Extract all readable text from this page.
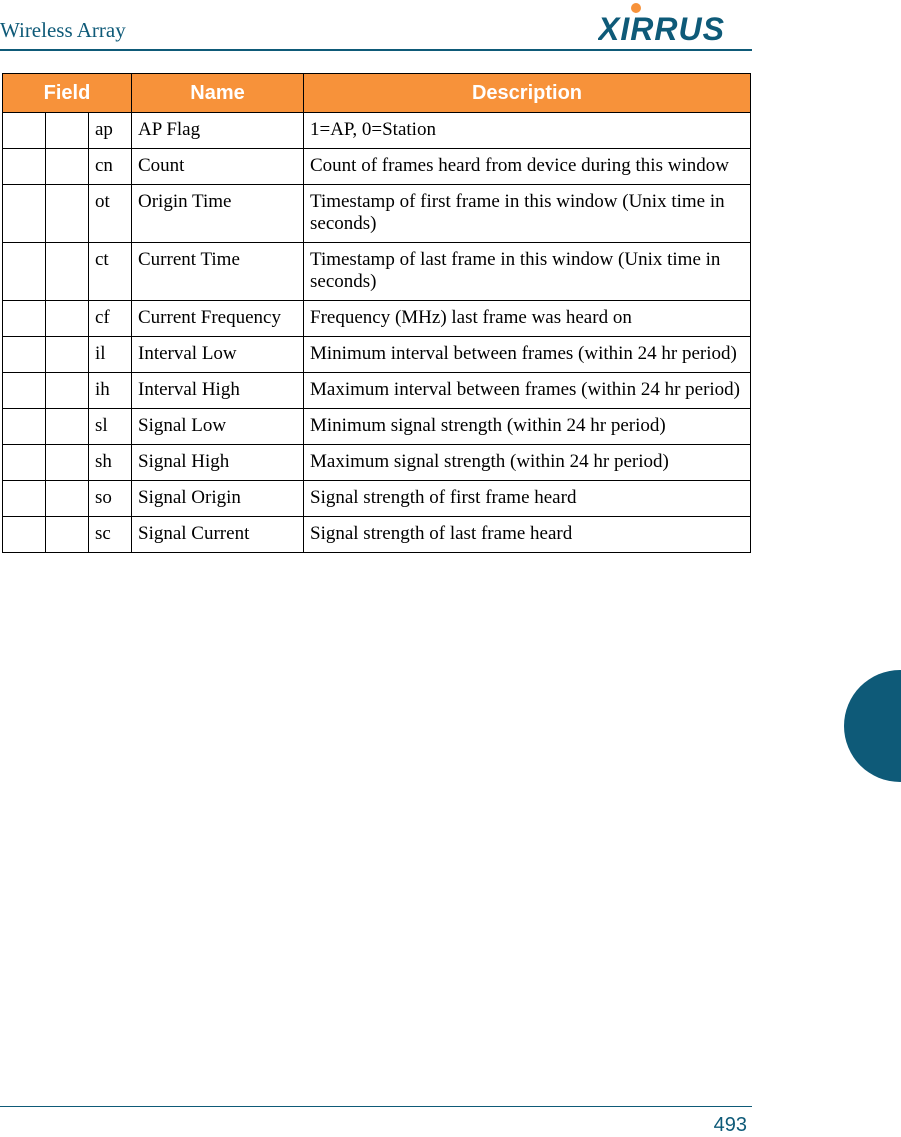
Wireless Array	XIRRUS
Field			Name	Description
		ap	AP Flag	1=AP, 0=Station
		cn	Count	Count of frames heard from device during this window
		ot	Origin Time	Timestamp of first frame in this window (Unix time in seconds)
		ct	Current Time	Timestamp of last frame in this window (Unix time in seconds)
		cf	Current Frequency	Frequency (MHz) last frame was heard on
		il	Interval Low	Minimum interval between frames (within 24 hr period)
		ih	Interval High	Maximum interval between frames (within 24 hr period)
		sl	Signal Low	Minimum signal strength (within 24 hr period)
		sh	Signal High	Maximum signal strength (within 24 hr period)
		so	Signal Origin	Signal strength of first frame heard
		sc	Signal Current	Signal strength of last frame heard
493
